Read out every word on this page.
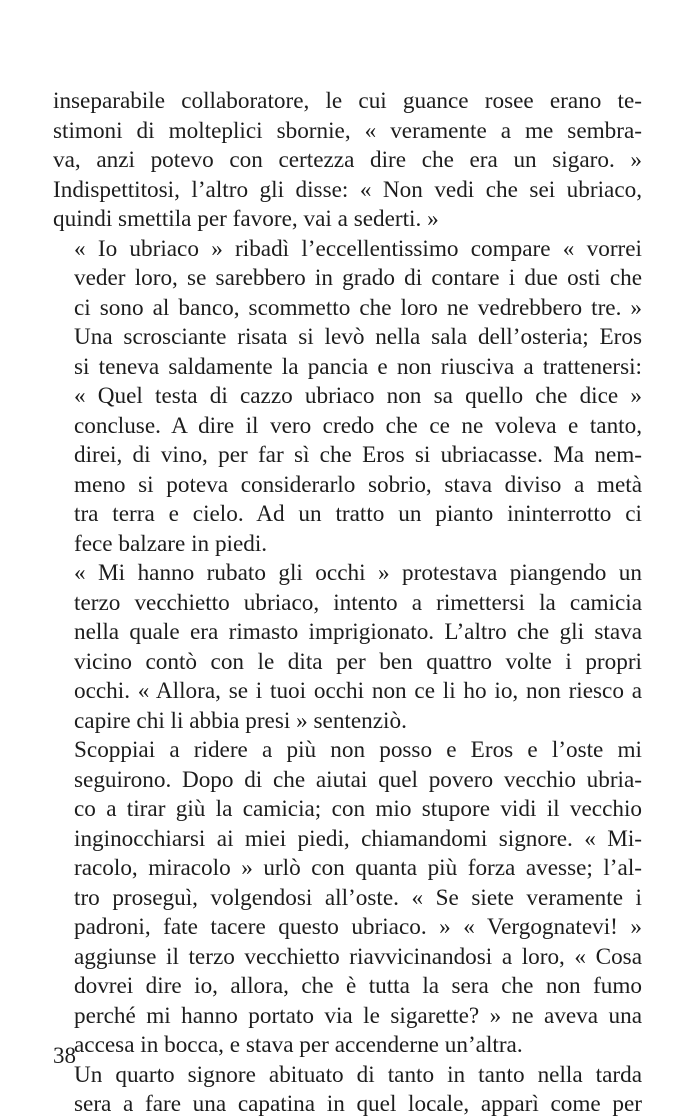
inseparabile collaboratore, le cui guance rosee erano te-
stimoni di molteplici sbornie, « veramente a me sembra-
va, anzi potevo con certezza dire che era un sigaro. »
Indispettitosi, l’altro gli disse: « Non vedi che sei ubriaco,
quindi smettila per favore, vai a sederti. »

« Io ubriaco » ribadì l’eccellentissimo compare « vorrei
veder loro, se sarebbero in grado di contare i due osti che
ci sono al banco, scommetto che loro ne vedrebbero tre. »
Una scrosciante risata si levò nella sala dell’osteria; Eros
si teneva saldamente la pancia e non riusciva a trattenersi:
« Quel testa di cazzo ubriaco non sa quello che dice »
concluse. A dire il vero credo che ce ne voleva e tanto,
direi, di vino, per far sì che Eros si ubriacasse. Ma nem-
meno si poteva considerarlo sobrio, stava diviso a metà
tra terra e cielo. Ad un tratto un pianto ininterrotto ci
fece balzare in piedi.

« Mi hanno rubato gli occhi » protestava piangendo un
terzo vecchietto ubriaco, intento a rimettersi la camicia
nella quale era rimasto imprigionato. L’altro che gli stava
vicino contò con le dita per ben quattro volte i propri
occhi. « Allora, se i tuoi occhi non ce li ho io, non riesco a
capire chi li abbia presi » sentenziò.

Scoppiai a ridere a più non posso e Eros e l’oste mi
seguirono. Dopo di che aiutai quel povero vecchio ubria-
co a tirar giù la camicia; con mio stupore vidi il vecchio
inginocchiarsi ai miei piedi, chiamandomi signore. « Mi-
racolo, miracolo » urlò con quanta più forza avesse; l’al-
tro proseguì, volgendosi all’oste. « Se siete veramente i
padroni, fate tacere questo ubriaco. » « Vergognatevi! »
aggiunse il terzo vecchietto riavvicinandosi a loro, « Cosa
dovrei dire io, allora, che è tutta la sera che non fumo
perché mi hanno portato via le sigarette? » ne aveva una
accesa in bocca, e stava per accenderne un’altra.

Un quarto signore abituato di tanto in tanto nella tarda
sera a fare una capatina in quel locale, apparì come per

38
